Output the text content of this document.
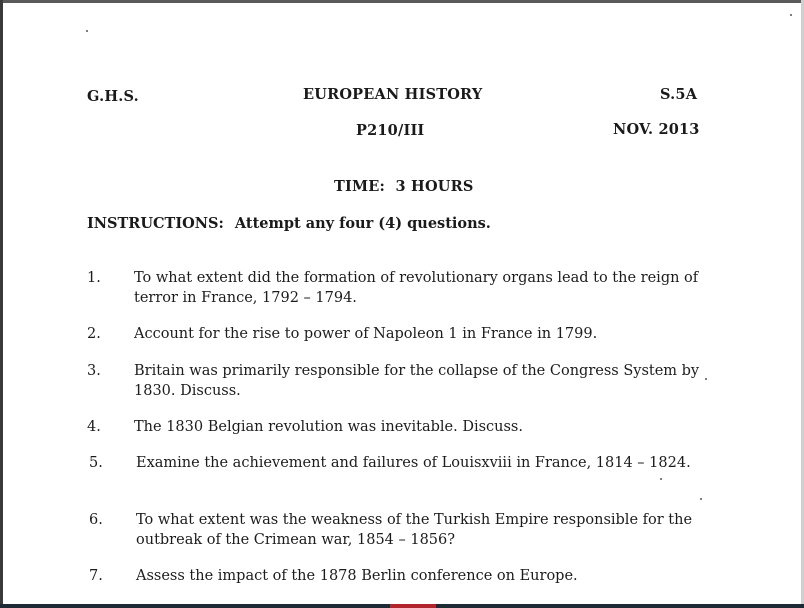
G.H.S.	EUROPEAN HISTORY	S.5A
P210/III	NOV. 2013
TIME:  3 HOURS
INSTRUCTIONS: Attempt any four (4) questions.
1.	To what extent did the formation of revolutionary organs lead to the reign of terror in France, 1792 – 1794.
2.	Account for the rise to power of Napoleon 1 in France in 1799.
3.	Britain was primarily responsible for the collapse of the Congress System by 1830. Discuss.
4.	The 1830 Belgian revolution was inevitable. Discuss.
5.	Examine the achievement and failures of Louisxviii in France, 1814 – 1824.
6.	To what extent was the weakness of the Turkish Empire responsible for the outbreak of the Crimean war, 1854 – 1856?
7.	Assess the impact of the 1878 Berlin conference on Europe.
